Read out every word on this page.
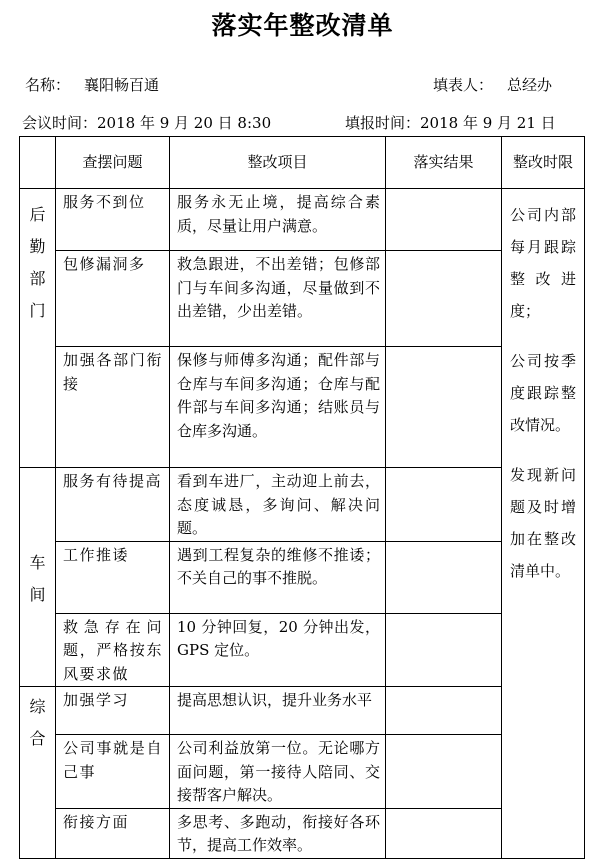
落实年整改清单
名称： 襄阳畅百通	填表人： 总经办
会议时间：2018 年 9 月 20 日 8:30	填报时间：2018 年 9 月 21 日
	查摆问题	整改项目	落实结果	整改时限

后勤部门	服务不到位	服务永无止境，提高综合素质，尽量让用户满意。		公司内部每月跟踪整改进度；

公司按季度跟踪整改情况。

发现新问题及时增加在整改清单中。

	包修漏洞多	救急跟进，不出差错；包修部门与车间多沟通，尽量做到不出差错，少出差错。		
	加强各部门衔接	保修与师傅多沟通；配件部与仓库与车间多沟通；仓库与配件部与车间多沟通；结账员与仓库多沟通。		

车间	服务有待提高	看到车进厂，主动迎上前去，态度诚恳，多询问、解决问题。		
	工作推诿	遇到工程复杂的维修不推诿；不关自己的事不推脱。		
	救急存在问题，严格按东风要求做	10 分钟回复，20 分钟出发，GPS 定位。		

综合	加强学习	提高思想认识，提升业务水平		
	公司事就是自己事	公司利益放第一位。无论哪方面问题，第一接待人陪同、交接帮客户解决。		
	衔接方面	多思考、多跑动，衔接好各环节，提高工作效率。		
